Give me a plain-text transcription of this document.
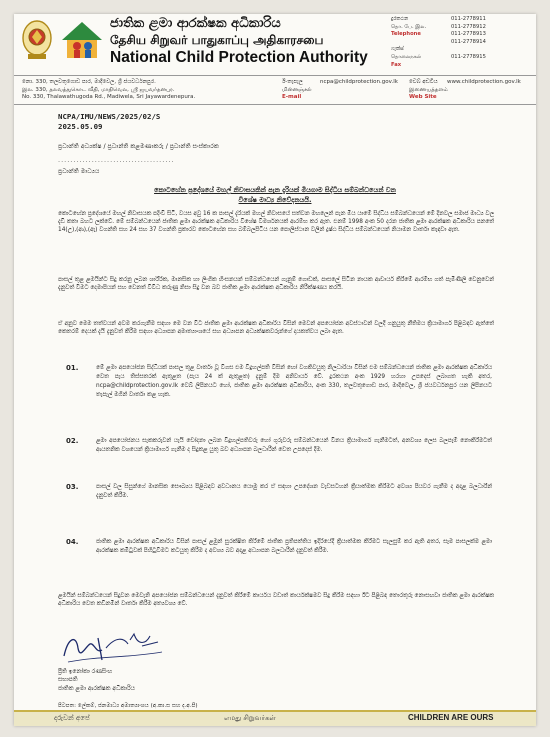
ජාතික ළමා ආරක්ෂක අධිකාරිය
தேசிய சிறுவர் பாதுகாப்பு அதிகாரசபை
National Child Protection Authority
දුරකථන	011-2778911
தொ. பே. இல.	011-2778912
Telephone	011-2778913
011-2778914
ෆැක්ස්
தொலைநகல்	011-2778915
Fax
නො. 330, තලවතුගොඩ පාර, මාදිවෙල, ශ්‍රී ජයවර්ධනපුර.
இல. 330, தலவத்துகொட வீதி, மாதிவெல, ஸ்ரீ ஜயவர்தனபுர.
No. 330, Thalawathugoda Rd., Madiwela, Sri Jayawardenepura.
ඊ-තැපැල	ncpa@childprotection.gov.lk
மின்னஞ்சல்
E-mail
වෙබ් අඩවිය	www.childprotection.gov.lk
இணையத்தளம்
Web Site
NCPA/IMU/NEWS/2025/02/S
2025.05.09
ප්‍රධාන්ති අධ්‍යක්ෂ / ප්‍රධාන්ති කළමණාකරු / ප්‍රධාන්ති සංස්කාරක
......................................
ප්‍රධාන්ති මාධ්‍යය
කොටහේන ප්‍රදේශයේ මහල් නිවාසයකින් පැන දැරියක් මියගාම සිද්ධිය සම්බන්ධයෙන් වන
විශේෂ මාධ්‍ය නිවේදනයයි.
කොටහේන ප්‍රදේශයේ මහල් නිවාසයක පදිංචි සිටි, වයස අවු 16 ක පාසල් දැරියක් මහල් නිවාසයේ සත්වන මහලෙන් පැන මිය යාමේ සිද්ධිය සම්බන්ධයෙන් මේ දිනවල සමාජ මාධ්‍ය වල දැඩි කතා බහට ලක්වේ. මේ සම්බන්ධයෙන් ජාතික ළමා ආරක්ෂක අධිකාරිය විශේෂ විමර්ශනයක් ආරම්භ කර ඇත. එනම් 1998 අංක 50 දරන ජාතික ළමා ආරක්ෂක අධිකාරිය පනතේ 14(උ),(ආ),(ඇ) වගන්ති සහ 24 සහ 37 වගන්ති ප්‍රකාරව කොටහේන සහ බම්බලපිටිය යන පොලිස්ථාන වලින් ද්‍රෂ්ඨ සිද්ධිය සම්බන්ධයෙන් නියාමන වාර්තා කැඳවා ඇත.
පාසල් තුළ ළමයින්ට සිදු කරනු ලබන ශාරීරික, මානසික හා ලිංගික හිංසනයන් සම්බන්ධයෙන් ගැනුම් ගොඩක්, පාසලේ සිටින නායක ආචාර්ය කිරීමේ ආරම්භ ගත් පැමිණිලි වෙනුවෙන් දැනුවත් වීමට දෙමාපියන් සහ වෙනත් විවිධ කරුණු නිසා සිදු වන බව ජාතික ළමා ආරක්ෂක අධිකාරිය නිරීක්ෂණය කරයි.
ඒ අනුව මෙම තත්වයන් අවම කරගැනීම සඳහා මෙ වන විට ජාතික ළමා ආරක්ෂක අධිකාරිය විසින් මෙවන් අපයෝජන අවස්ථාවන් වලදී ගනුයුතු නීතිමය ක්‍රියාමාර්ග පිළිබඳව ඇත්තේ කෙතරම් දෙයක් දැයි දැනුවත් කිරීම සඳහා අධ්‍යාපන අමාත්‍යාංශයේ සහ අධ්‍යාපන අධ්‍යක්ෂකවරුන්ගේ දායකත්වය ලබා ඇත.
01.	මේ ළමා අපයෝජන සිද්ධියක් පාසල තුළ වාර්තා වූ විගස එම විදුහල්පති විසින් හෝ වගකිවයුතු නිලධාරියා විසින් එම සම්බන්ධයෙන් ජාතික ළමා ආරක්ෂක අධිකාරිය වෙත පැය තිස්සතරක් ඇතුළත (පැය 24 ක් ඇතුළත) දැනුම් දීම අනිවාර්ය වේ. දුරකථන අංක 1929 හරහා උපදෙස් ලබාගත හැකි අතර, ncpa@childprotection.gov.lk වෙබ් ලිපිනයට හෝ, ජාතික ළමා ආරක්ෂක අධිකාරිය, අංක 330, තලවතුගොඩ පාර, මාදිවෙල, ශ්‍රී ජයවර්ධනපුර යන ලිපිනයට තැපැල් මගින් වාර්තා කළ හැක.
02.	ළමා අපයෝජනය සැකකරුවන් යැයි චෝදනා ලබන විදුහල්පතිවරු හෝ ගුරුවරු සම්බන්ධයෙන් විනය ක්‍රියාමාර්ග ගැනීමටත්, අනවශ්‍ය ලෙස බලපෑම් නොකිරීමටත් ආයතනික වශයෙන් ක්‍රියාමාර්ග ගැනීම ද සිදුකළ යුතු බව අධ්‍යාපන බලධාරීන් වෙත උපදෙස් දීම.
03.	පාසල් වල සිසුන්ගේ මානසික සෞඛ්‍යය පිළිබඳව අවධානය යොමු කර ඒ සඳහා උපදේශන වැඩසටහන් ක්‍රියාත්මක කිරීමට අවශ්‍ය පියවර ගැනීම ද අදාළ බලධාරීන් දැනුවත් කිරීම.
04.	ජාතික ළමා ආරක්ෂක අධිකාරිය විසින් පාසල් ළමුන් සුරක්ෂිත කිරීමේ ජාතික ප්‍රතිපත්තිය ඉදිරියේදී ක්‍රියාත්මක කිරීමට සැලසුම් කර ඇති අතර, සෑම පාසලක්ම ළමා ආරක්ෂක කමිටුවක් පිහිටුවීමට කටයුතු කිරීම ද අවශ්‍ය බව අදාළ අධ්‍යාපන බලධාරීන් දැනුවත් කිරීම.
ළමයින් සම්බන්ධයෙන් සිදුවන මෙවැනි අපයෝජන සම්බන්ධයෙන් දැනුවත් කිරීමේ කාර්යය වඩාත් කාර්යක්ෂමව සිදු කිරීම සඳහා ඊට පිළිබඳ තොරතුරු නොසඟවා ජාතික ළමා ආරක්ෂක අධිකාරිය වෙත කඩිනමින් වාර්තා කිරීම අත්‍යවශ්‍ය වේ.
ප්‍රීති ඉනෝකා රණසිංහ
සභාපති
ජාතික ළමා ආරක්ෂක අධිකාරිය
පිටපත: ලේකම්, ජනමාධ්‍ය අමාත්‍යාංශය (අ.කා.ස සහ ද.අ.පි)
දරුවන් අපේ	எமது சிறுவர்கள்	CHILDREN ARE OURS
